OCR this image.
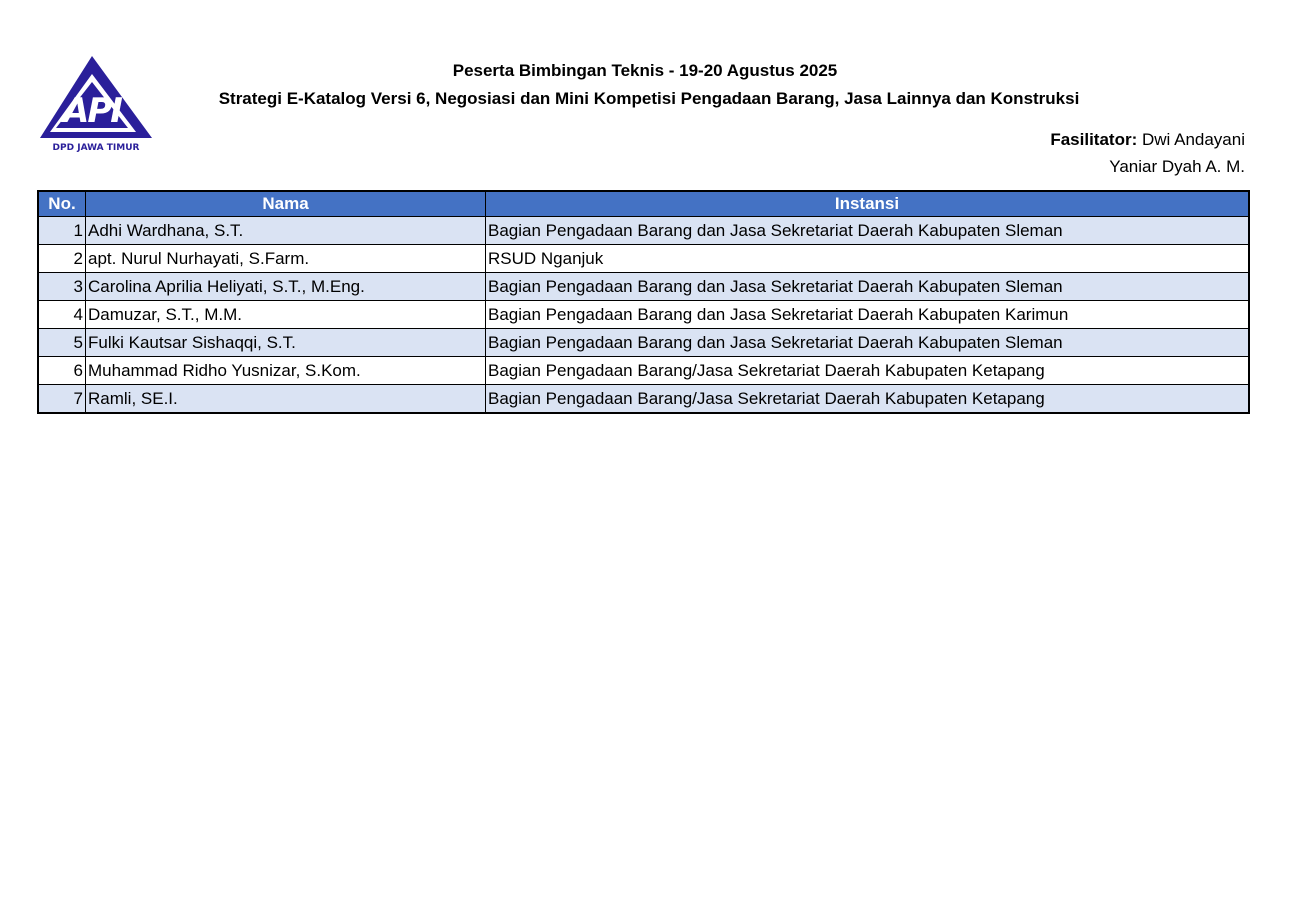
API
DPD JAWA TIMUR
Peserta Bimbingan Teknis - 19-20 Agustus 2025
Strategi E-Katalog Versi 6, Negosiasi dan Mini Kompetisi Pengadaan Barang, Jasa Lainnya dan Konstruksi
Fasilitator: Dwi Andayani
Yaniar Dyah A. M.
No.	Nama	Instansi
1	Adhi Wardhana, S.T.	Bagian Pengadaan Barang dan Jasa Sekretariat Daerah Kabupaten Sleman
2	apt. Nurul Nurhayati, S.Farm.	RSUD Nganjuk
3	Carolina Aprilia Heliyati, S.T., M.Eng.	Bagian Pengadaan Barang dan Jasa Sekretariat Daerah Kabupaten Sleman
4	Damuzar, S.T., M.M.	Bagian Pengadaan Barang dan Jasa Sekretariat Daerah Kabupaten Karimun
5	Fulki Kautsar Sishaqqi, S.T.	Bagian Pengadaan Barang dan Jasa Sekretariat Daerah Kabupaten Sleman
6	Muhammad Ridho Yusnizar, S.Kom.	Bagian Pengadaan Barang/Jasa Sekretariat Daerah Kabupaten Ketapang
7	Ramli, SE.I.	Bagian Pengadaan Barang/Jasa Sekretariat Daerah Kabupaten Ketapang
